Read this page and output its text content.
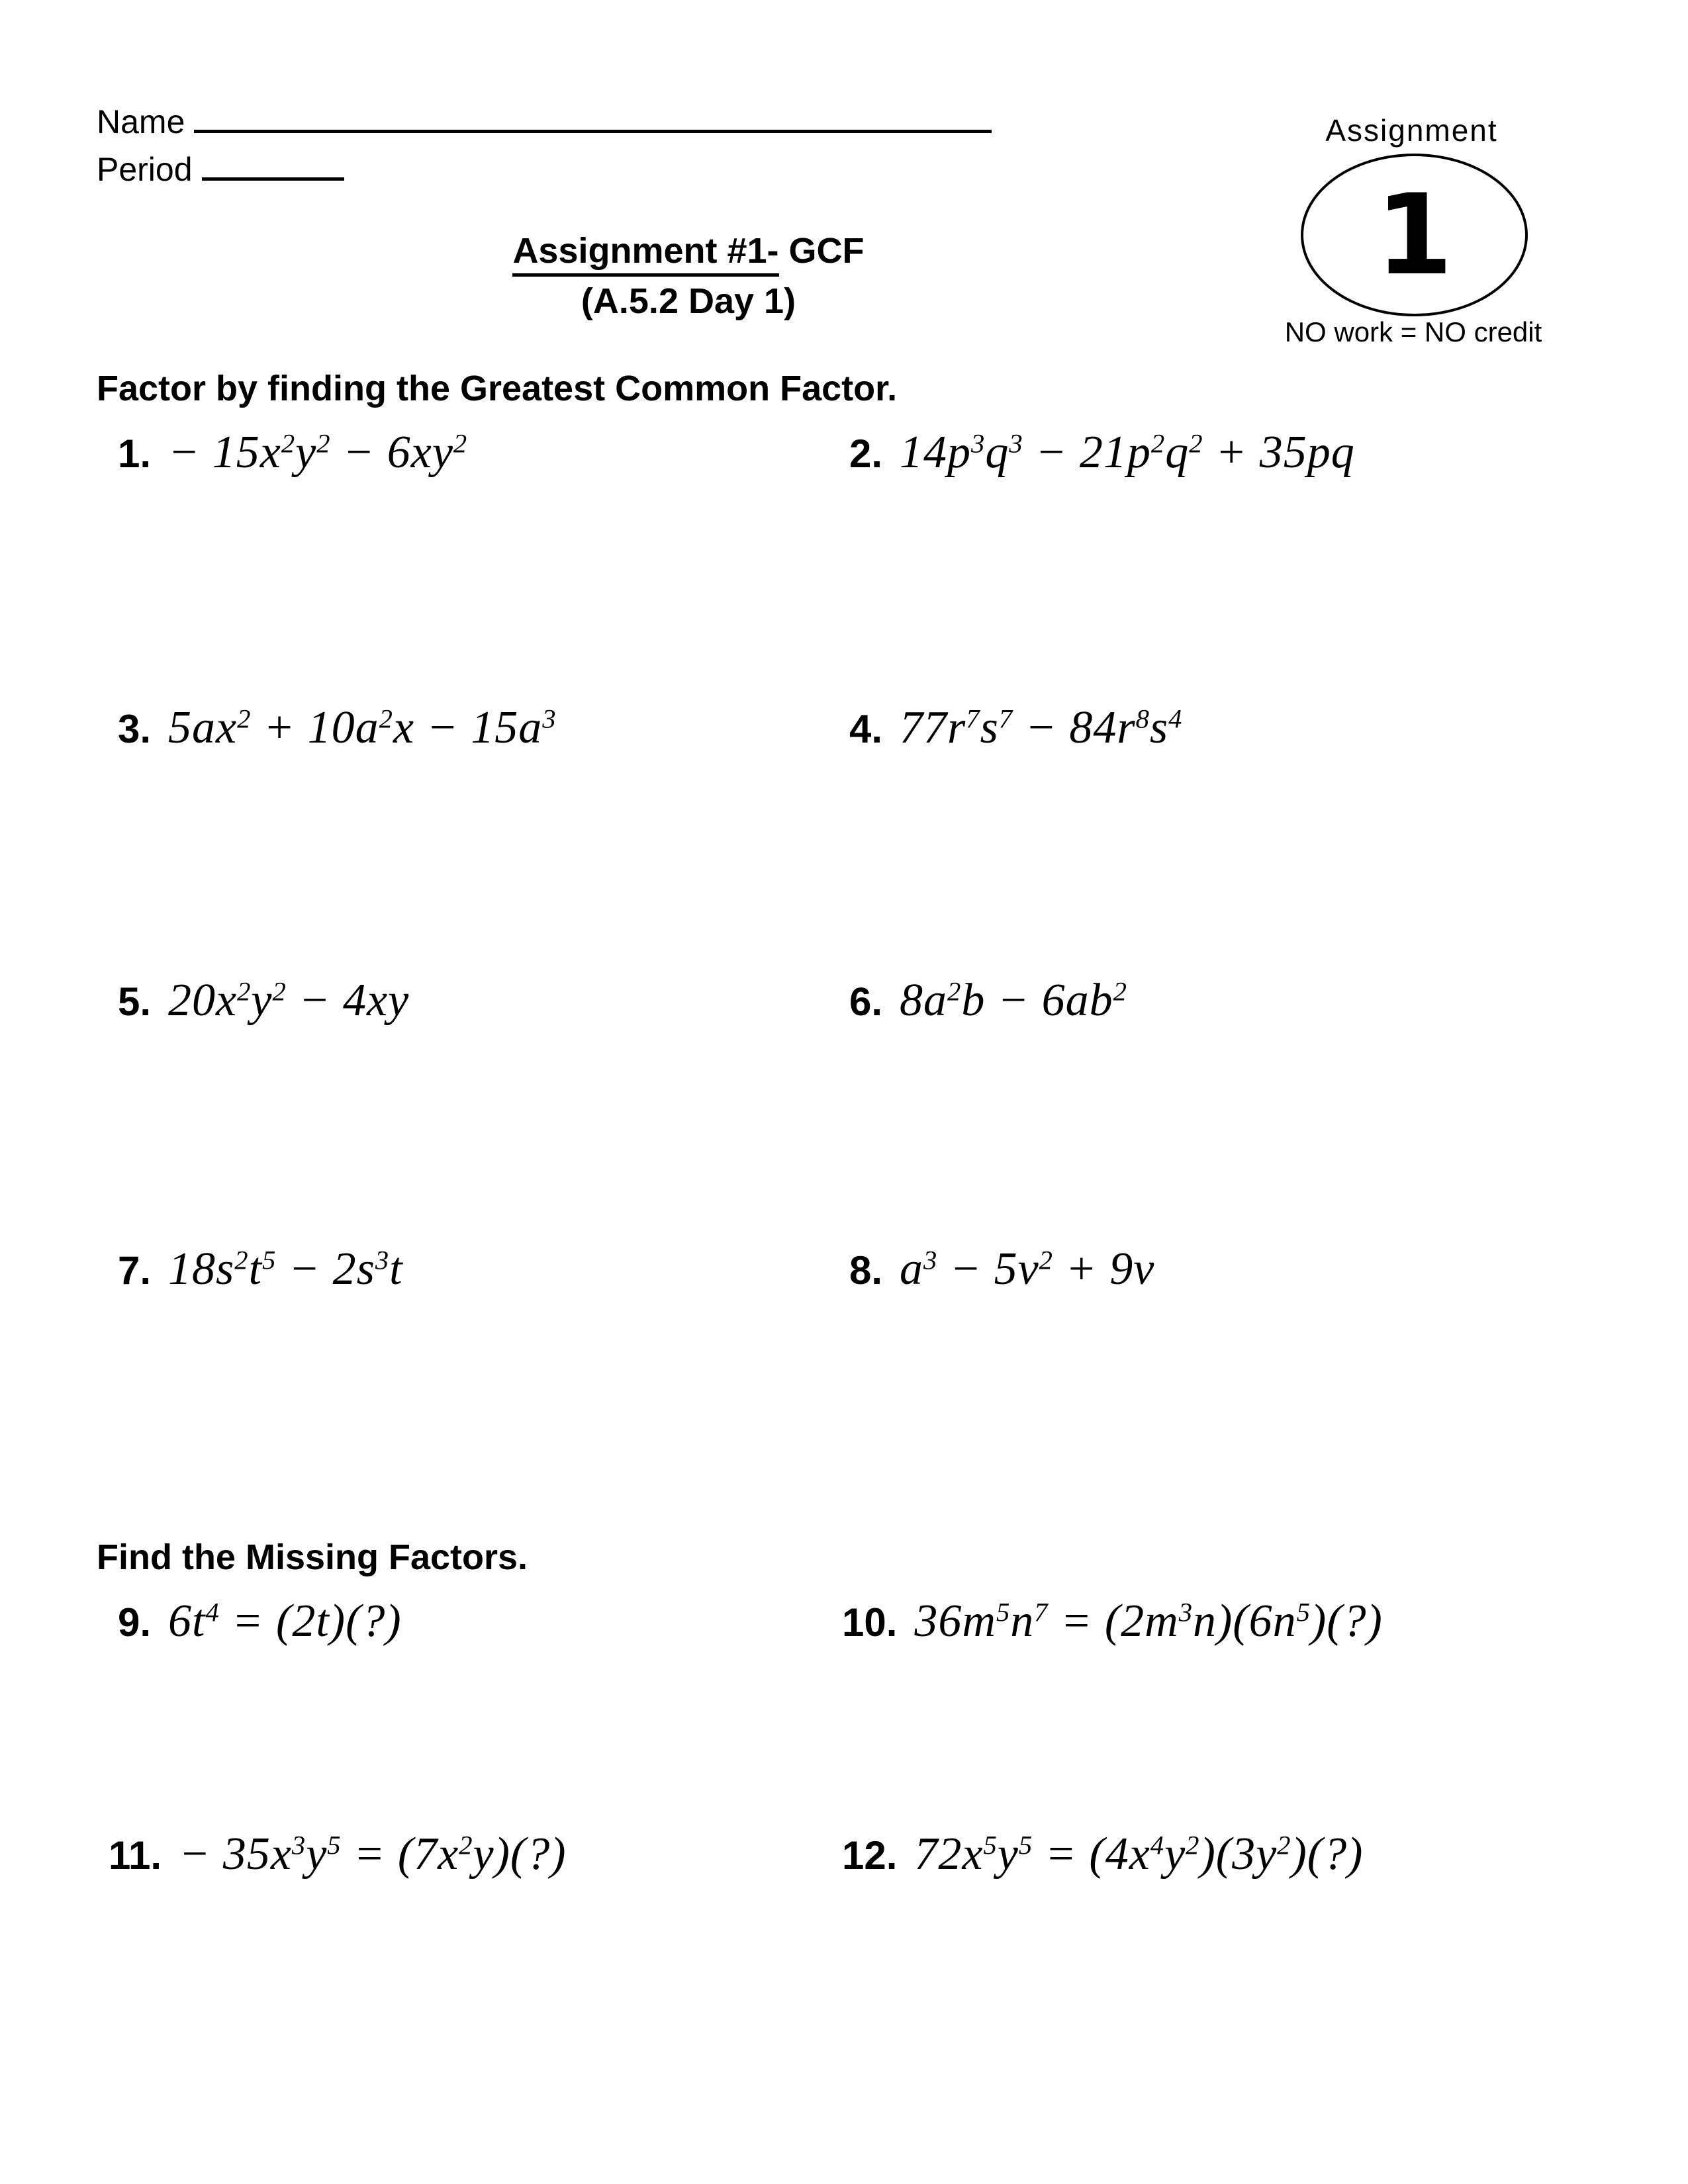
Name
Period
Assignment
1
NO work = NO credit
Assignment #1- GCF
(A.5.2 Day 1)
Factor by finding the Greatest Common Factor.
1. − $15x^2y^2 - 6xy^2$	2. $14p^3q^3 - 21p^2q^2 + 35pq$
3. $5ax^2 + 10a^2x - 15a^3$	4. $77r^7s^7 - 84r^8s^4$
5. $20x^2y^2 - 4xy$	6. $8a^2b - 6ab^2$
7. $18s^2t^5 - 2s^3t$	8. $a^3 - 5v^2 + 9v$
Find the Missing Factors.
9. $6t^4$ = (2t)(?)	10. $36m^5n^7$ = $(2m^3n)(6n^5)(?)$
11. − $35x^3y^5$ = $(7x^2y)(?)$	12. $72x^5y^5$ = $(4x^4y^2)(3y^2)(?)$
